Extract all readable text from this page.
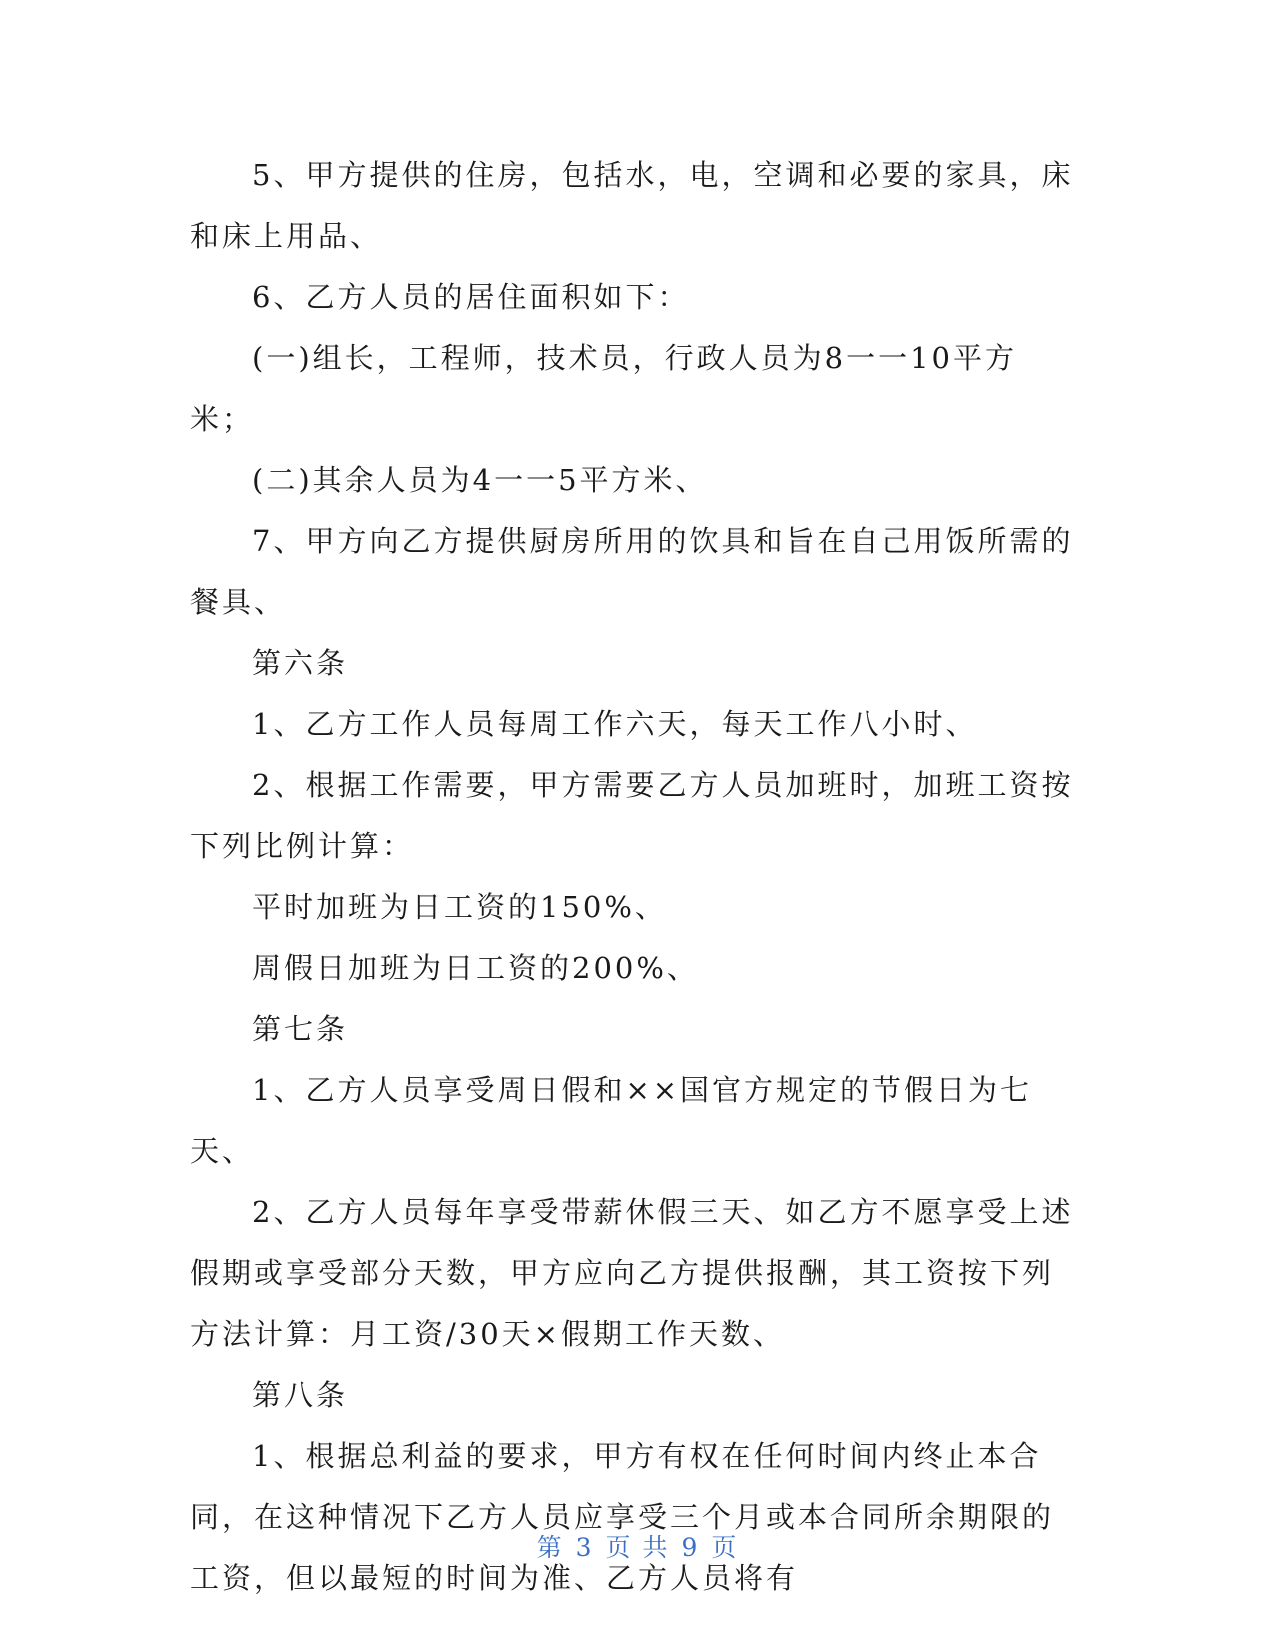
5、甲方提供的住房，包括水，电，空调和必要的家具，床和床上用品、

6、乙方人员的居住面积如下：

(一)组长，工程师，技术员，行政人员为8一一10平方米；

(二)其余人员为4一一5平方米、

7、甲方向乙方提供厨房所用的饮具和旨在自己用饭所需的餐具、

第六条

1、乙方工作人员每周工作六天，每天工作八小时、

2、根据工作需要，甲方需要乙方人员加班时，加班工资按下列比例计算：

平时加班为日工资的150%、

周假日加班为日工资的200%、

第七条

1、乙方人员享受周日假和××国官方规定的节假日为七天、

2、乙方人员每年享受带薪休假三天、如乙方不愿享受上述假期或享受部分天数，甲方应向乙方提供报酬，其工资按下列方法计算：月工资/30天×假期工作天数、

第八条

1、根据总利益的要求，甲方有权在任何时间内终止本合同，在这种情况下乙方人员应享受三个月或本合同所余期限的工资，但以最短的时间为准、乙方人员将有

第 3 页 共 9 页
